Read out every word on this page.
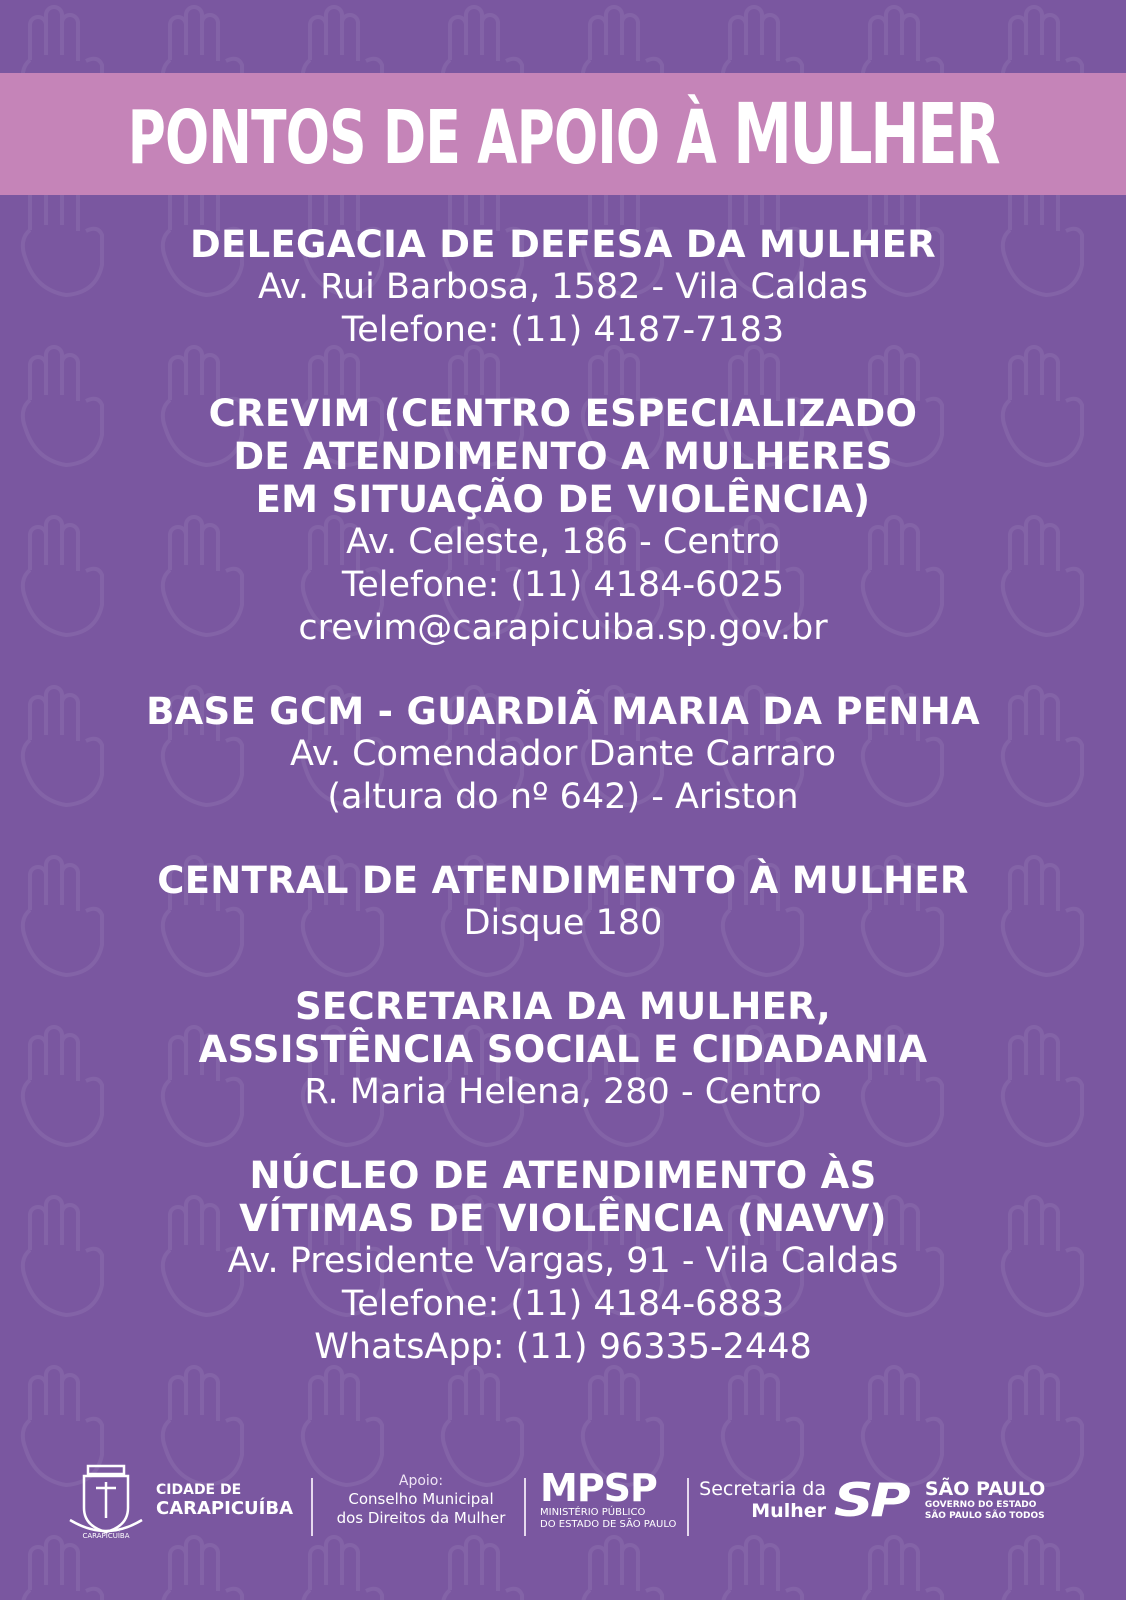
PONTOS DE APOIO À MULHER
DELEGACIA DE DEFESA DA MULHER
Av. Rui Barbosa, 1582 - Vila Caldas
Telefone: (11) 4187-7183
CREVIM (CENTRO ESPECIALIZADO
DE ATENDIMENTO A MULHERES
EM SITUAÇÃO DE VIOLÊNCIA)
Av. Celeste, 186 - Centro
Telefone: (11) 4184-6025
crevim@carapicuiba.sp.gov.br
BASE GCM - GUARDIÃ MARIA DA PENHA
Av. Comendador Dante Carraro
(altura do nº 642) - Ariston
CENTRAL DE ATENDIMENTO À MULHER
Disque 180
SECRETARIA DA MULHER,
ASSISTÊNCIA SOCIAL E CIDADANIA
R. Maria Helena, 280 - Centro
NÚCLEO DE ATENDIMENTO ÀS
VÍTIMAS DE VIOLÊNCIA (NAVV)
Av. Presidente Vargas, 91 - Vila Caldas
Telefone: (11) 4184-6883
WhatsApp: (11) 96335-2448
CARAPICUÍBA
CIDADE DE
CARAPICUÍBA
Apoio:
Conselho Municipal
dos Direitos da Mulher
MPSP
MINISTÉRIO PÚBLICO
DO ESTADO DE SÃO PAULO
Secretaria da
Mulher SP SÃO PAULO
GOVERNO DO ESTADO
SÃO PAULO SÃO TODOS
